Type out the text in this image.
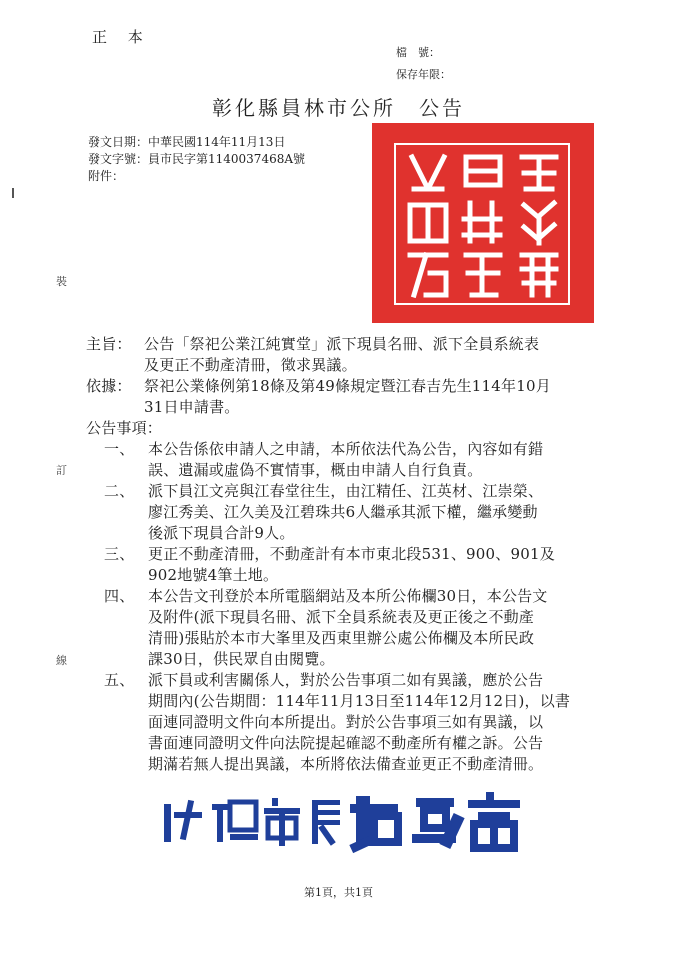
正 本
檔　號：
保存年限：
彰化縣員林市公所　公告
發文日期：中華民國114年11月13日
發文字號：員市民字第1140037468A號
附件：
裝
訂
線
主旨： 公告「祭祀公業江純實堂」派下現員名冊、派下全員系統表
及更正不動產清冊，徵求異議。
依據： 祭祀公業條例第18條及第49條規定暨江春吉先生114年10月
31日申請書。
公告事項：
一、 本公告係依申請人之申請，本所依法代為公告，內容如有錯
誤、遺漏或虛偽不實情事，概由申請人自行負責。
二、 派下員江文亮與江春堂往生，由江精任、江英材、江崇榮、
廖江秀美、江久美及江碧珠共6人繼承其派下權，繼承變動
後派下現員合計9人。
三、 更正不動產清冊，不動產計有本市東北段531、900、901及
902地號4筆土地。
四、 本公告文刊登於本所電腦網站及本所公佈欄30日，本公告文
及附件(派下現員名冊、派下全員系統表及更正後之不動產
清冊)張貼於本市大峯里及西東里辦公處公佈欄及本所民政
課30日，供民眾自由閱覽。
五、 派下員或利害關係人，對於公告事項二如有異議，應於公告
期間內(公告期間：114年11月13日至114年12月12日)，以書
面連同證明文件向本所提出。對於公告事項三如有異議，以
書面連同證明文件向法院提起確認不動產所有權之訴。公告
期滿若無人提出異議，本所將依法備查並更正不動產清冊。
第1頁，共1頁
